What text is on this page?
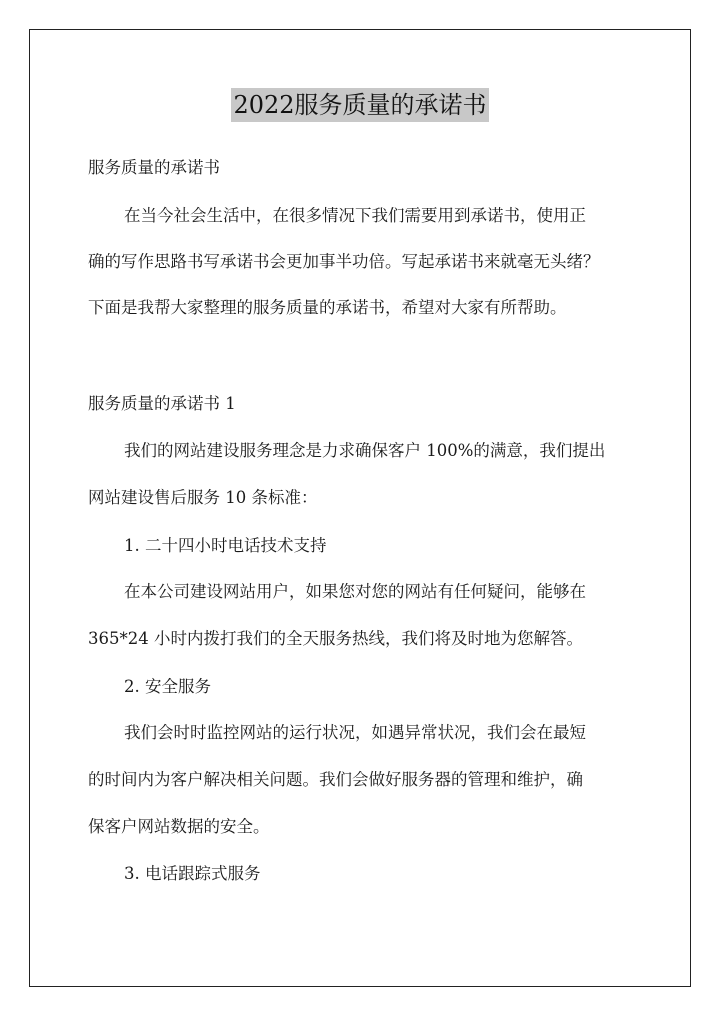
2022服务质量的承诺书
服务质量的承诺书
在当今社会生活中，在很多情况下我们需要用到承诺书，使用正
确的写作思路书写承诺书会更加事半功倍。写起承诺书来就毫无头绪？
下面是我帮大家整理的服务质量的承诺书，希望对大家有所帮助。
服务质量的承诺书 1
我们的网站建设服务理念是力求确保客户 100%的满意，我们提出
网站建设售后服务 10 条标准：
1. 二十四小时电话技术支持
在本公司建设网站用户，如果您对您的网站有任何疑问，能够在
365*24 小时内拨打我们的全天服务热线，我们将及时地为您解答。
2. 安全服务
我们会时时监控网站的运行状况，如遇异常状况，我们会在最短
的时间内为客户解决相关问题。我们会做好服务器的管理和维护，确
保客户网站数据的安全。
3. 电话跟踪式服务
